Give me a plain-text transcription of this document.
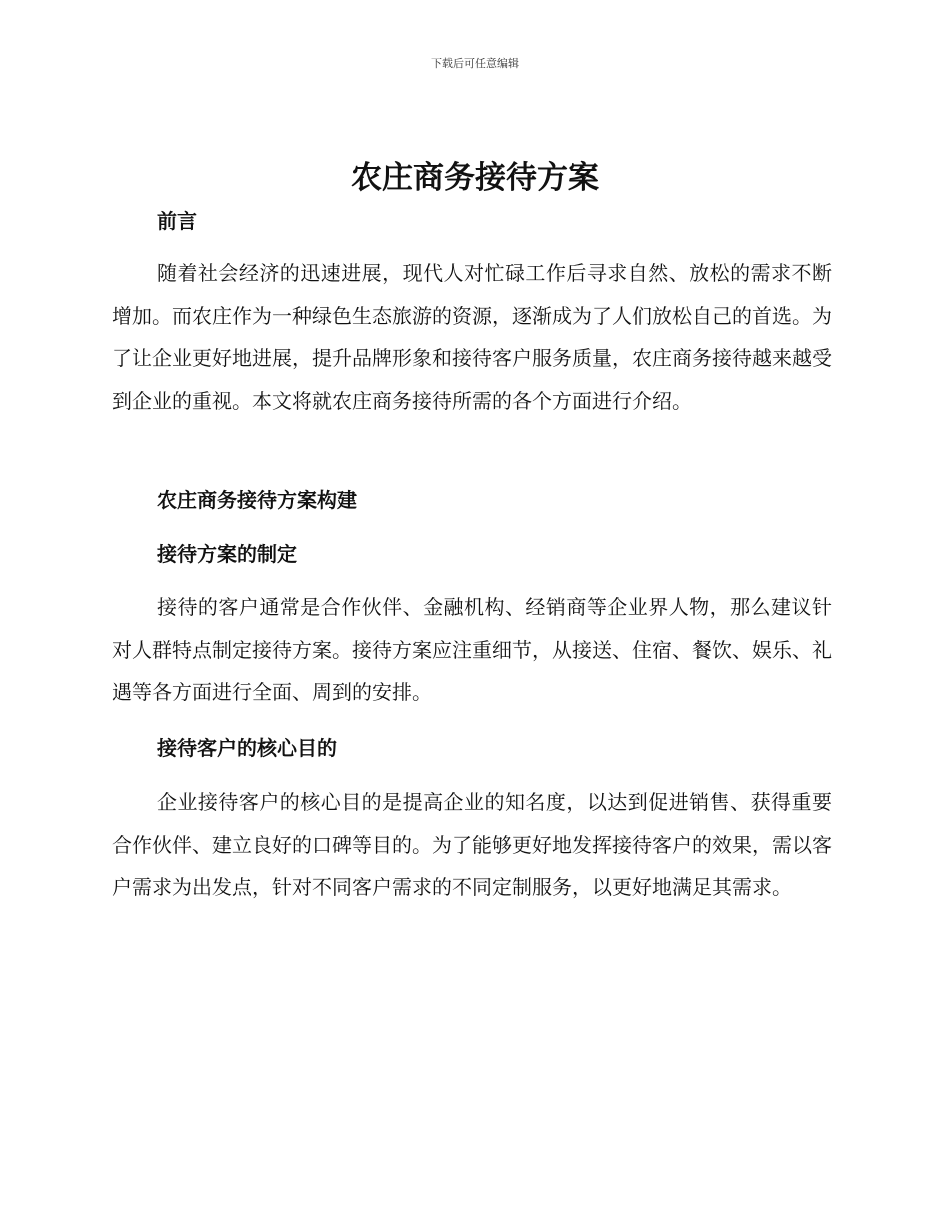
下载后可任意编辑
农庄商务接待方案
前言

随着社会经济的迅速进展，现代人对忙碌工作后寻求自然、放松的需求不断增加。而农庄作为一种绿色生态旅游的资源，逐渐成为了人们放松自己的首选。为了让企业更好地进展，提升品牌形象和接待客户服务质量，农庄商务接待越来越受到企业的重视。本文将就农庄商务接待所需的各个方面进行介绍。

农庄商务接待方案构建
接待方案的制定

接待的客户通常是合作伙伴、金融机构、经销商等企业界人物，那么建议针对人群特点制定接待方案。接待方案应注重细节，从接送、住宿、餐饮、娱乐、礼遇等各方面进行全面、周到的安排。

接待客户的核心目的

企业接待客户的核心目的是提高企业的知名度，以达到促进销售、获得重要合作伙伴、建立良好的口碑等目的。为了能够更好地发挥接待客户的效果，需以客户需求为出发点，针对不同客户需求的不同定制服务，以更好地满足其需求。
